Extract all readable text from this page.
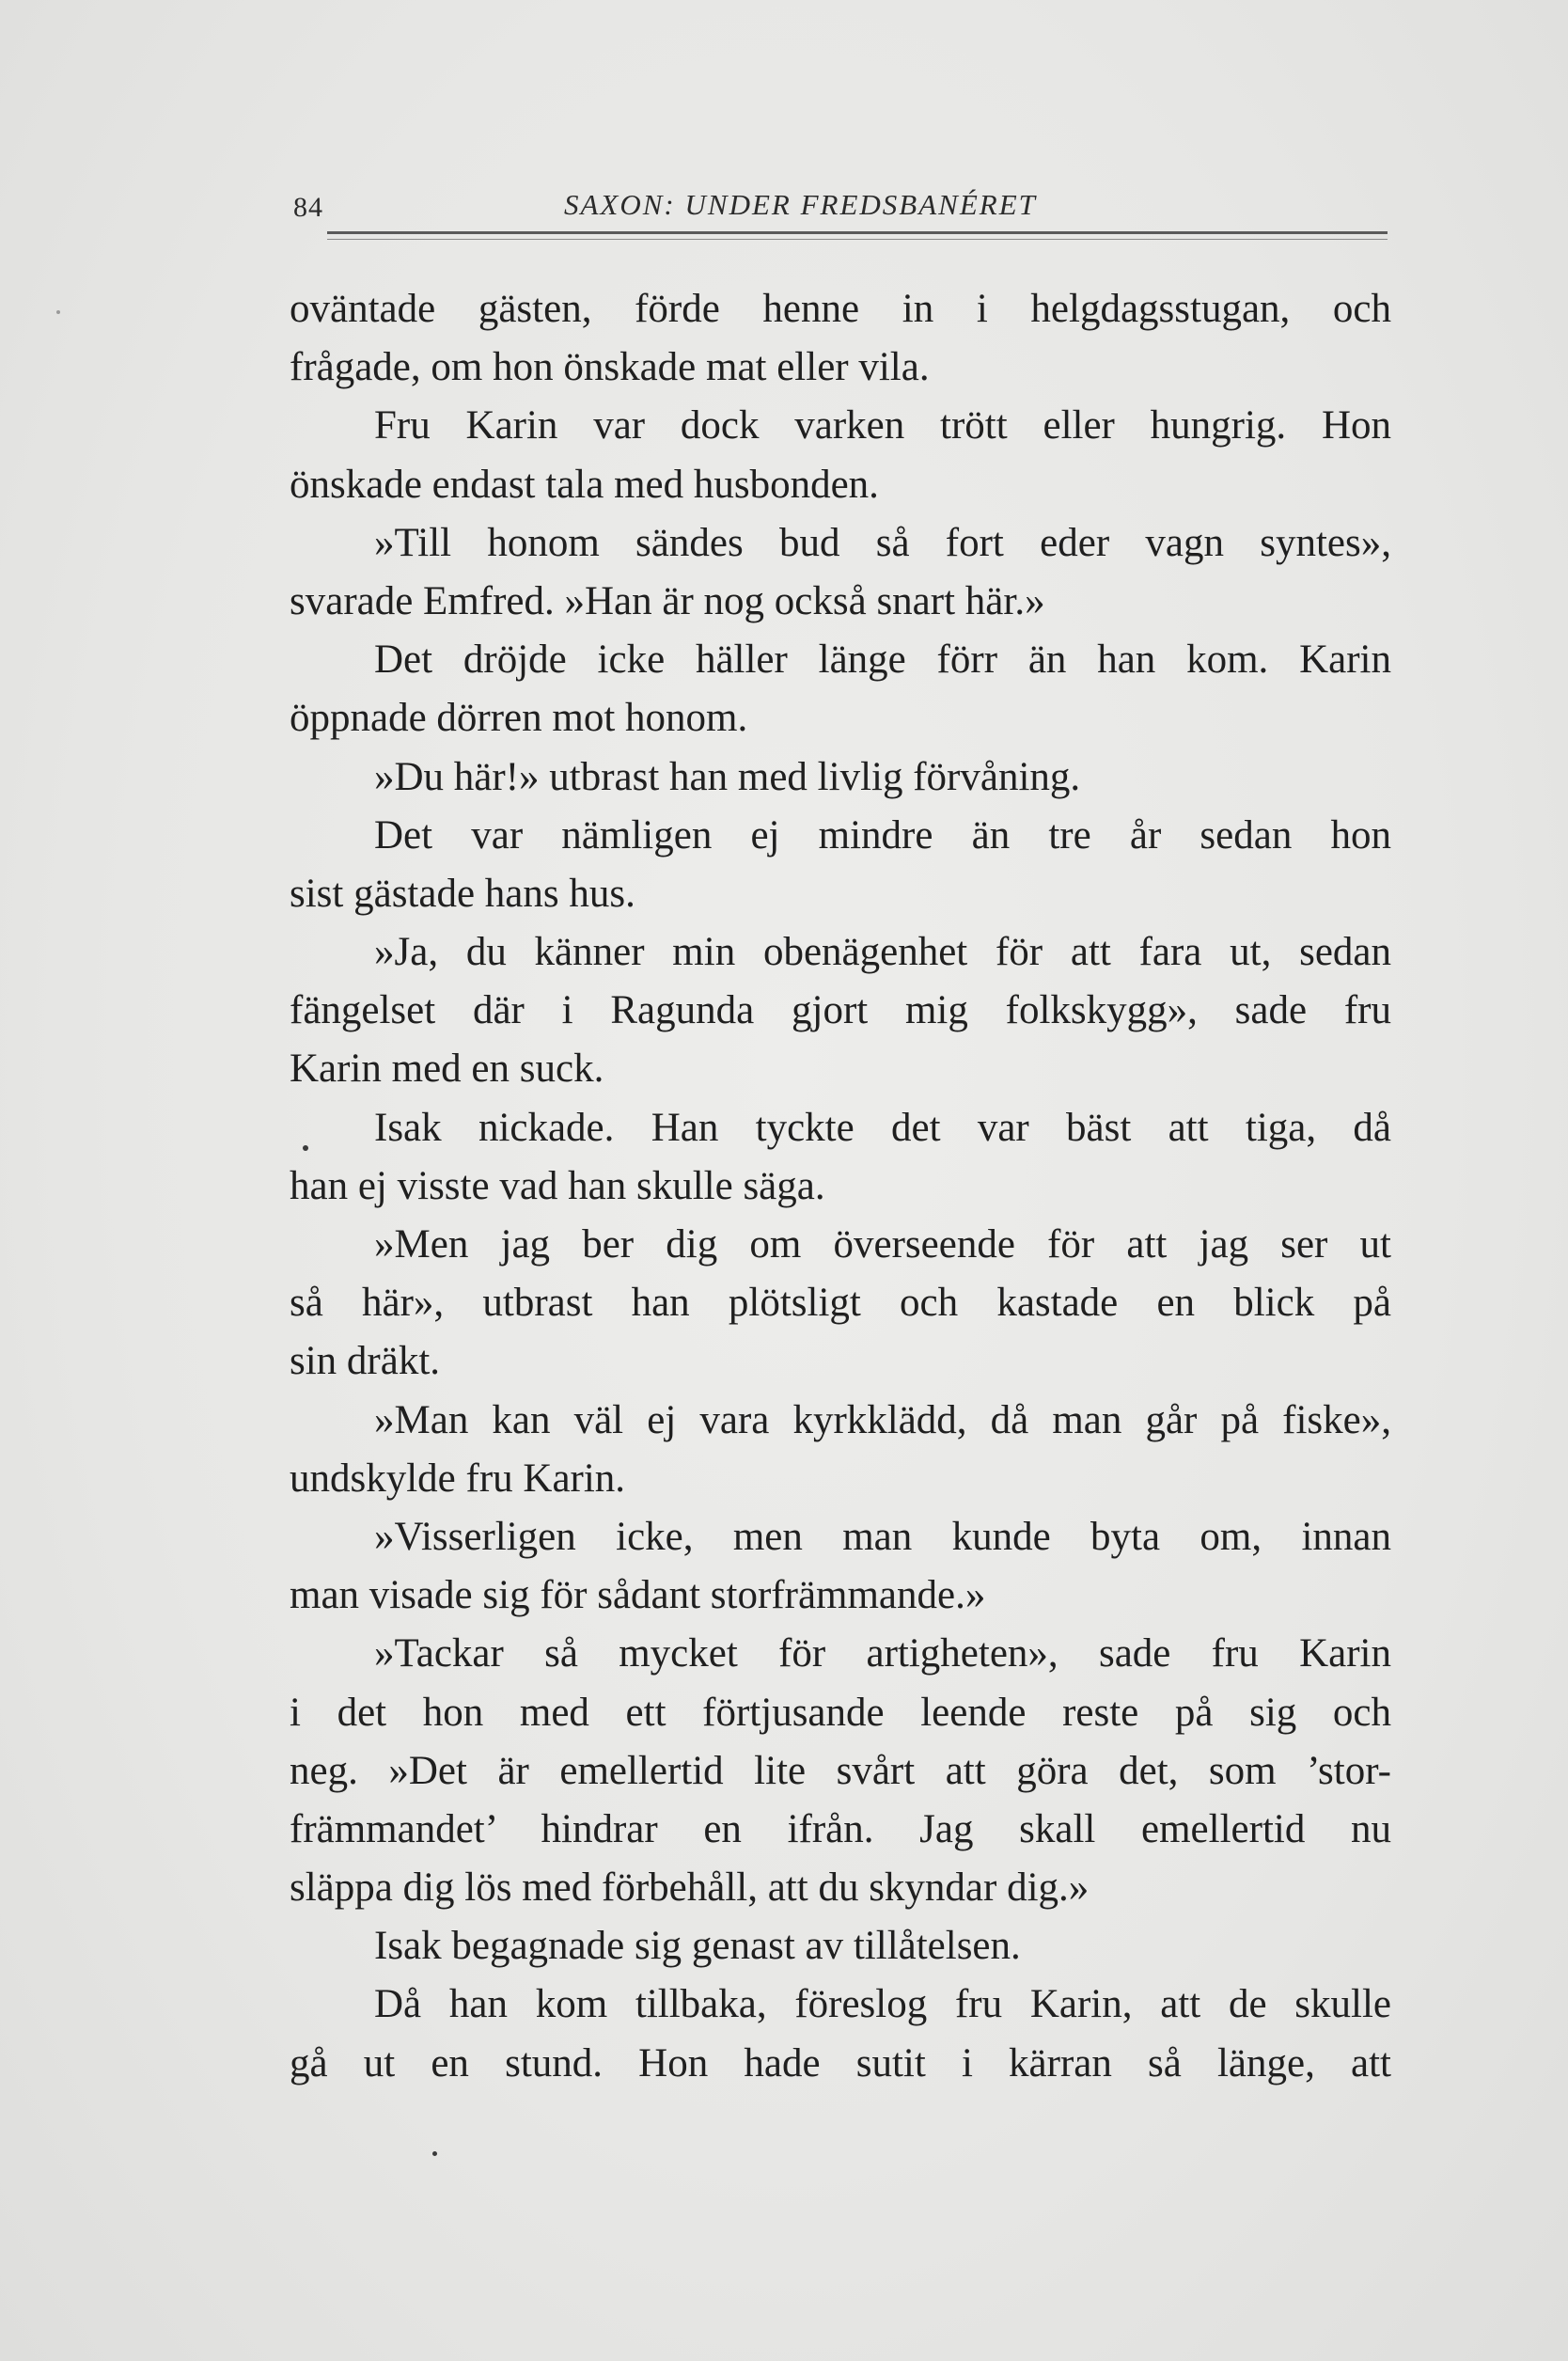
84	SAXON: UNDER FREDSBANÉRET
oväntade gästen, förde henne in i helgdagsstugan, och
frågade, om hon önskade mat eller vila.
Fru Karin var dock varken trött eller hungrig. Hon
önskade endast tala med husbonden.
»Till honom sändes bud så fort eder vagn syntes»,
svarade Emfred. »Han är nog också snart här.»
Det dröjde icke häller länge förr än han kom. Karin
öppnade dörren mot honom.
»Du här!» utbrast han med livlig förvåning.
Det var nämligen ej mindre än tre år sedan hon
sist gästade hans hus.
»Ja, du känner min obenägenhet för att fara ut, sedan
fängelset där i Ragunda gjort mig folkskygg», sade fru
Karin med en suck.
Isak nickade. Han tyckte det var bäst att tiga, då
han ej visste vad han skulle säga.
»Men jag ber dig om överseende för att jag ser ut
så här», utbrast han plötsligt och kastade en blick på
sin dräkt.
»Man kan väl ej vara kyrkklädd, då man går på fiske»,
undskylde fru Karin.
»Visserligen icke, men man kunde byta om, innan
man visade sig för sådant storfrämmande.»
»Tackar så mycket för artigheten», sade fru Karin
i det hon med ett förtjusande leende reste på sig och
neg. »Det är emellertid lite svårt att göra det, som ’stor-
främmandet’ hindrar en ifrån. Jag skall emellertid nu
släppa dig lös med förbehåll, att du skyndar dig.»
Isak begagnade sig genast av tillåtelsen.
Då han kom tillbaka, föreslog fru Karin, att de skulle
gå ut en stund. Hon hade sutit i kärran så länge, att
